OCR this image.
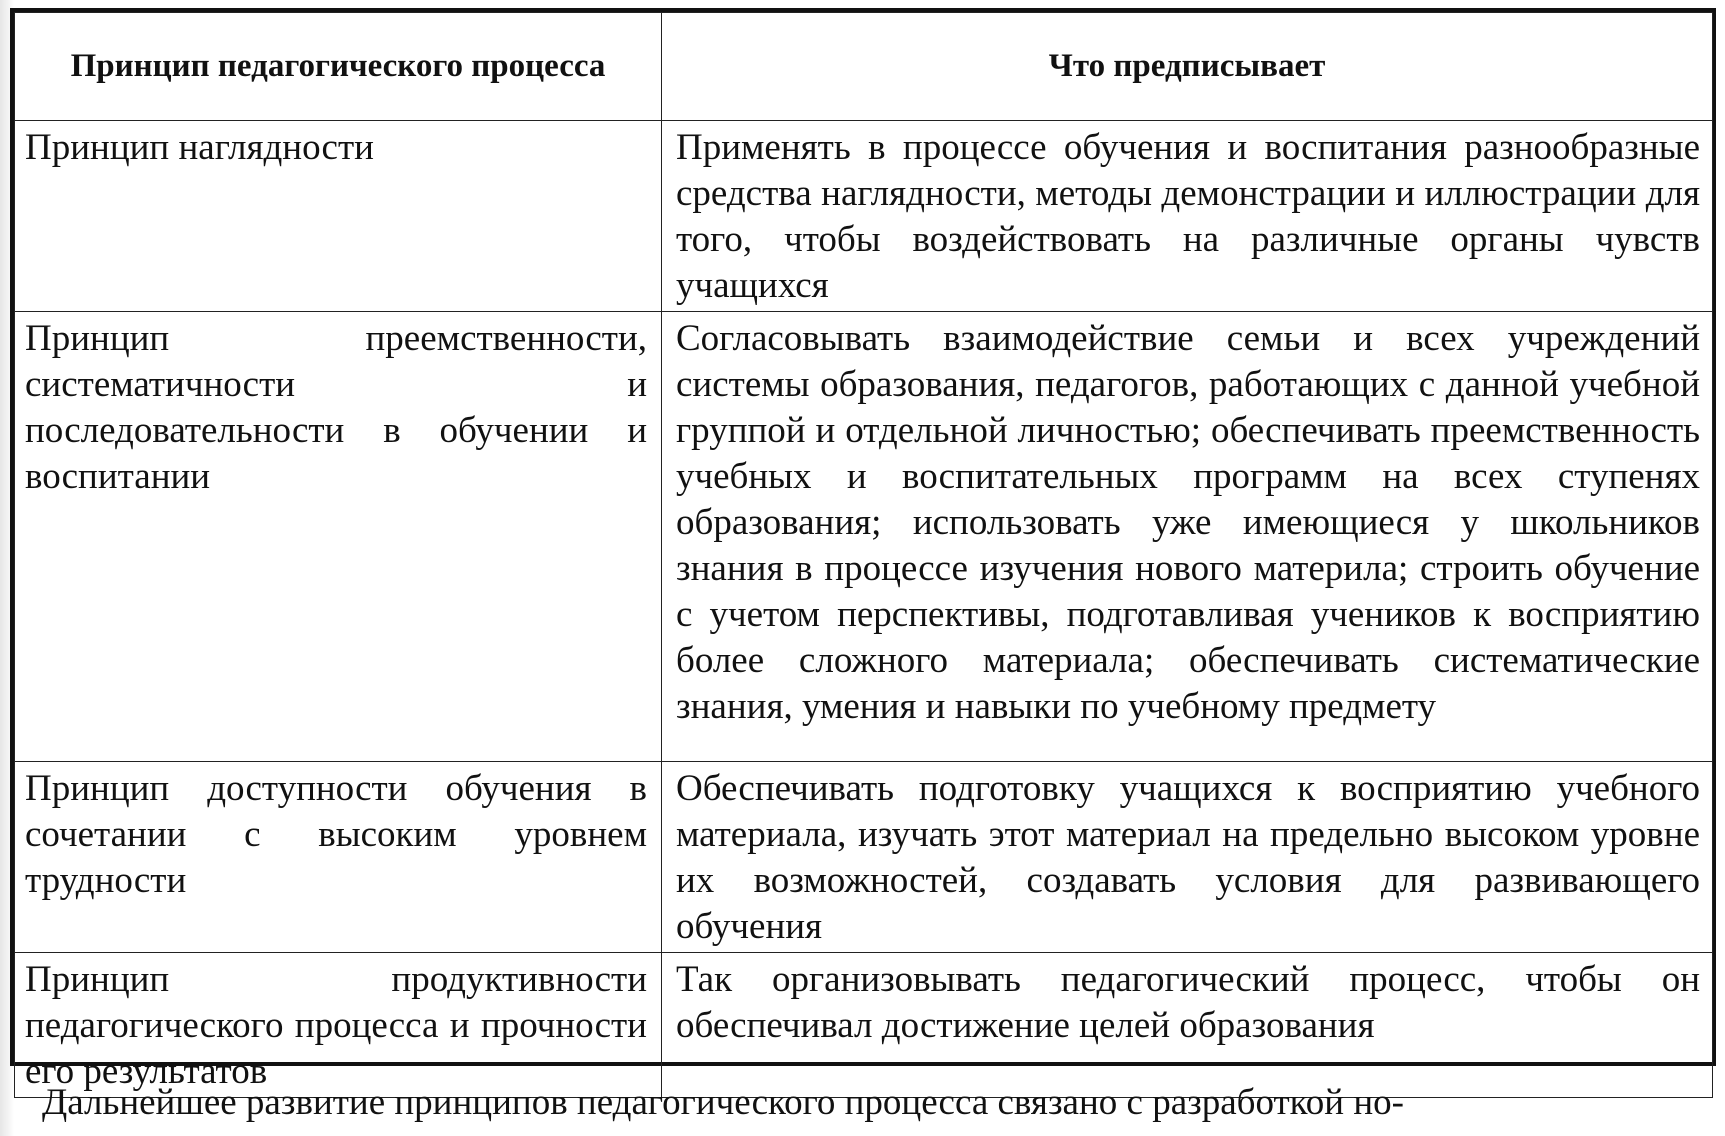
Принцип педагогического процесса	Что предписывает
Принцип наглядности	Применять в процессе обучения и воспитания разнообразные средства наглядности, методы демонстрации и иллюстрации для того, чтобы воздействовать на различные органы чувств учащихся
Принцип преемственности, систематичности и последовательности в обучении и воспитании	Согласовывать взаимодействие семьи и всех учреждений системы образования, педагогов, работающих с данной учебной группой и отдельной личностью; обеспечивать преемственность учебных и воспитательных программ на всех ступенях образования; использовать уже имеющиеся у школьников знания в процессе изучения нового материла; строить обучение с учетом перспективы, подготавливая учеников к восприятию более сложного материала; обеспечивать систематические знания, умения и навыки по учебному предмету
Принцип доступности обучения в сочетании с высоким уровнем трудности	Обеспечивать подготовку учащихся к восприятию учебного материала, изучать этот материал на предельно высоком уровне их возможностей, создавать условия для развивающего обучения
Принцип продуктивности педагогического процесса и прочности его результатов	Так организовывать педагогический процесс, чтобы он обеспечивал достижение целей образования
Дальнейшее развитие принципов педагогического процесса связано с разработкой но-
